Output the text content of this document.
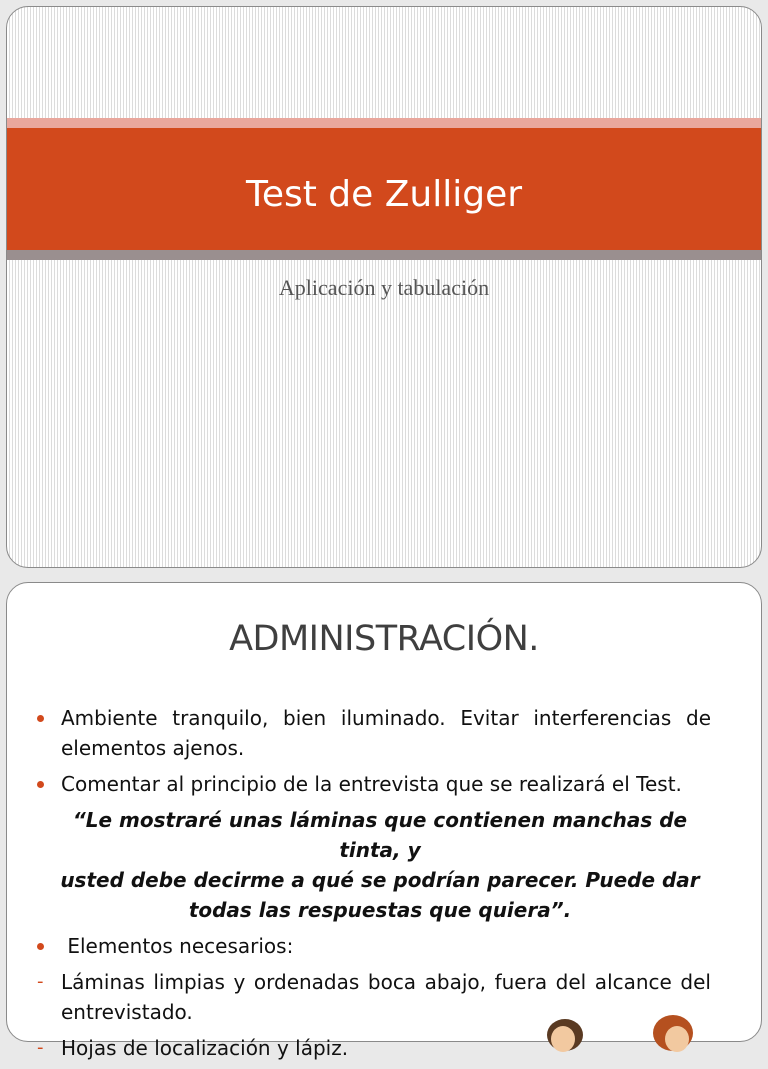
Test de Zulliger
Aplicación y tabulación
ADMINISTRACIÓN.
Ambiente tranquilo, bien iluminado. Evitar interferencias de elementos ajenos.
Comentar al principio de la entrevista que se realizará el Test.
“Le mostraré unas láminas que contienen manchas de tinta, y
usted debe decirme a qué se podrían parecer. Puede dar
todas las respuestas que quiera”.
Elementos necesarios:
- Láminas limpias y ordenadas boca abajo, fuera del alcance del entrevistado.
- Hojas de localización y lápiz.
